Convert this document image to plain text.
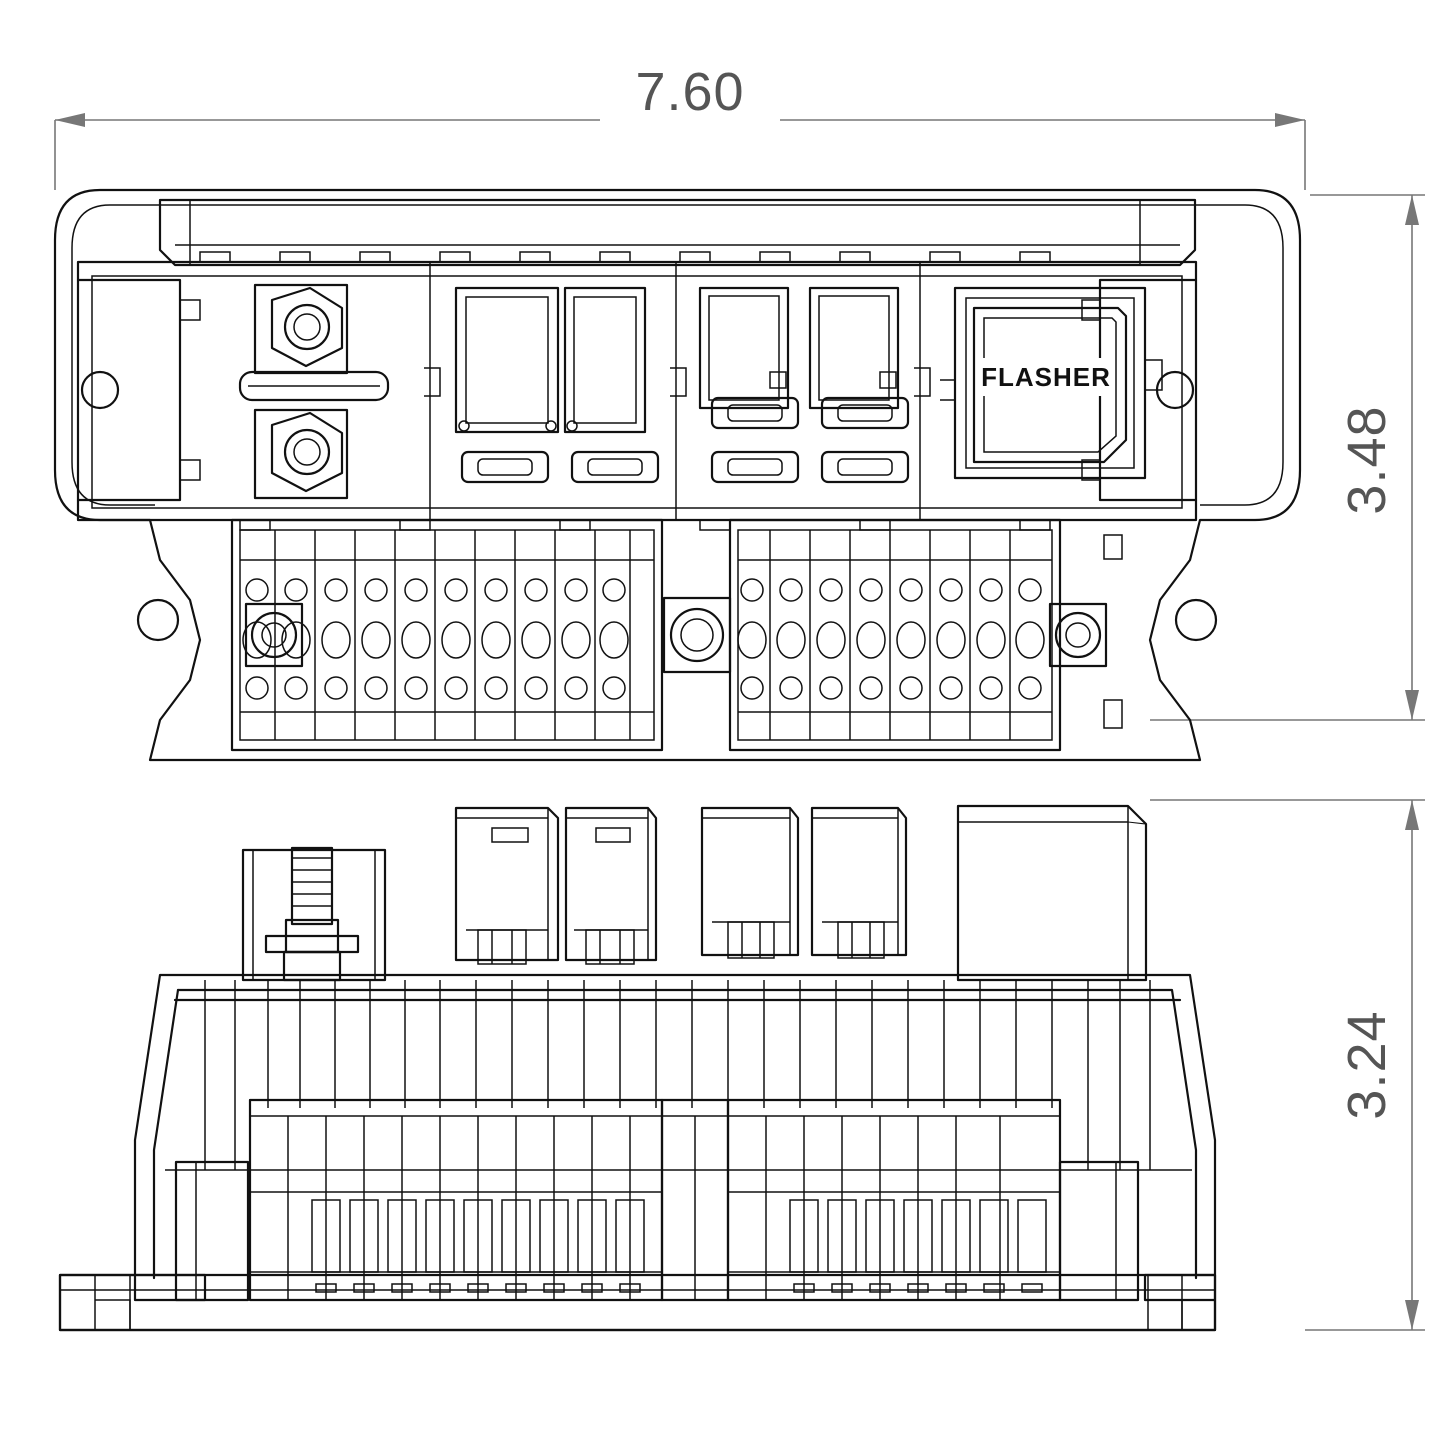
7.60
3.48
3.24
FLASHER
